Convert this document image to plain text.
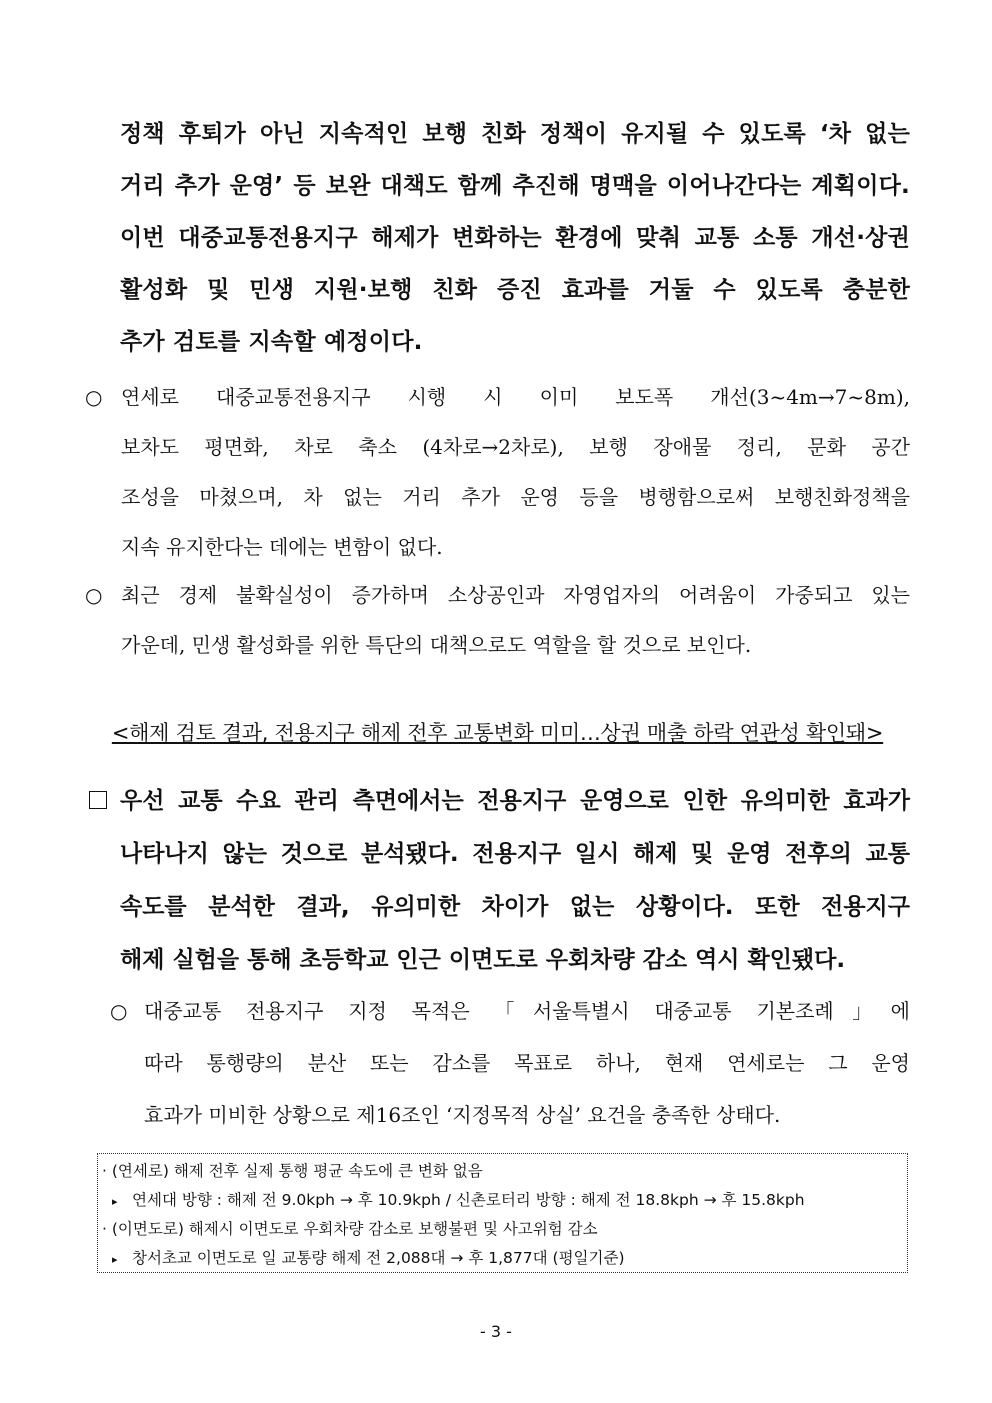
정책 후퇴가 아닌 지속적인 보행 친화 정책이 유지될 수 있도록 ‘차 없는
거리 추가 운영’ 등 보완 대책도 함께 추진해 명맥을 이어나간다는 계획이다.
이번 대중교통전용지구 해제가 변화하는 환경에 맞춰 교통 소통 개선·상권
활성화 및 민생 지원·보행 친화 증진 효과를 거둘 수 있도록 충분한
추가 검토를 지속할 예정이다.
○ 연세로 대중교통전용지구 시행 시 이미 보도폭 개선(3~4m→7~8m),
보차도 평면화, 차로 축소 (4차로→2차로), 보행 장애물 정리, 문화 공간
조성을 마쳤으며, 차 없는 거리 추가 운영 등을 병행함으로써 보행친화정책을
지속 유지한다는 데에는 변함이 없다.
○ 최근 경제 불확실성이 증가하며 소상공인과 자영업자의 어려움이 가중되고 있는
가운데, 민생 활성화를 위한 특단의 대책으로도 역할을 할 것으로 보인다.
<해제 검토 결과, 전용지구 해제 전후 교통변화 미미…상권 매출 하락 연관성 확인돼>
우선 교통 수요 관리 측면에서는 전용지구 운영으로 인한 유의미한 효과가
나타나지 않는 것으로 분석됐다. 전용지구 일시 해제 및 운영 전후의 교통
속도를 분석한 결과, 유의미한 차이가 없는 상황이다. 또한 전용지구
해제 실험을 통해 초등학교 인근 이면도로 우회차량 감소 역시 확인됐다.
○ 대중교통 전용지구 지정 목적은 「서울특별시 대중교통 기본조례」에
따라 통행량의 분산 또는 감소를 목표로 하나, 현재 연세로는 그 운영
효과가 미비한 상황으로 제16조인 ‘지정목적 상실’ 요건을 충족한 상태다.
· (연세로) 해제 전후 실제 통행 평균 속도에 큰 변화 없음
▸ 연세대 방향 : 해제 전 9.0kph → 후 10.9kph / 신촌로터리 방향 : 해제 전 18.8kph → 후 15.8kph
· (이면도로) 해제시 이면도로 우회차량 감소로 보행불편 및 사고위험 감소
▸ 창서초교 이면도로 일 교통량 해제 전 2,088대 → 후 1,877대 (평일기준)
- 3 -
